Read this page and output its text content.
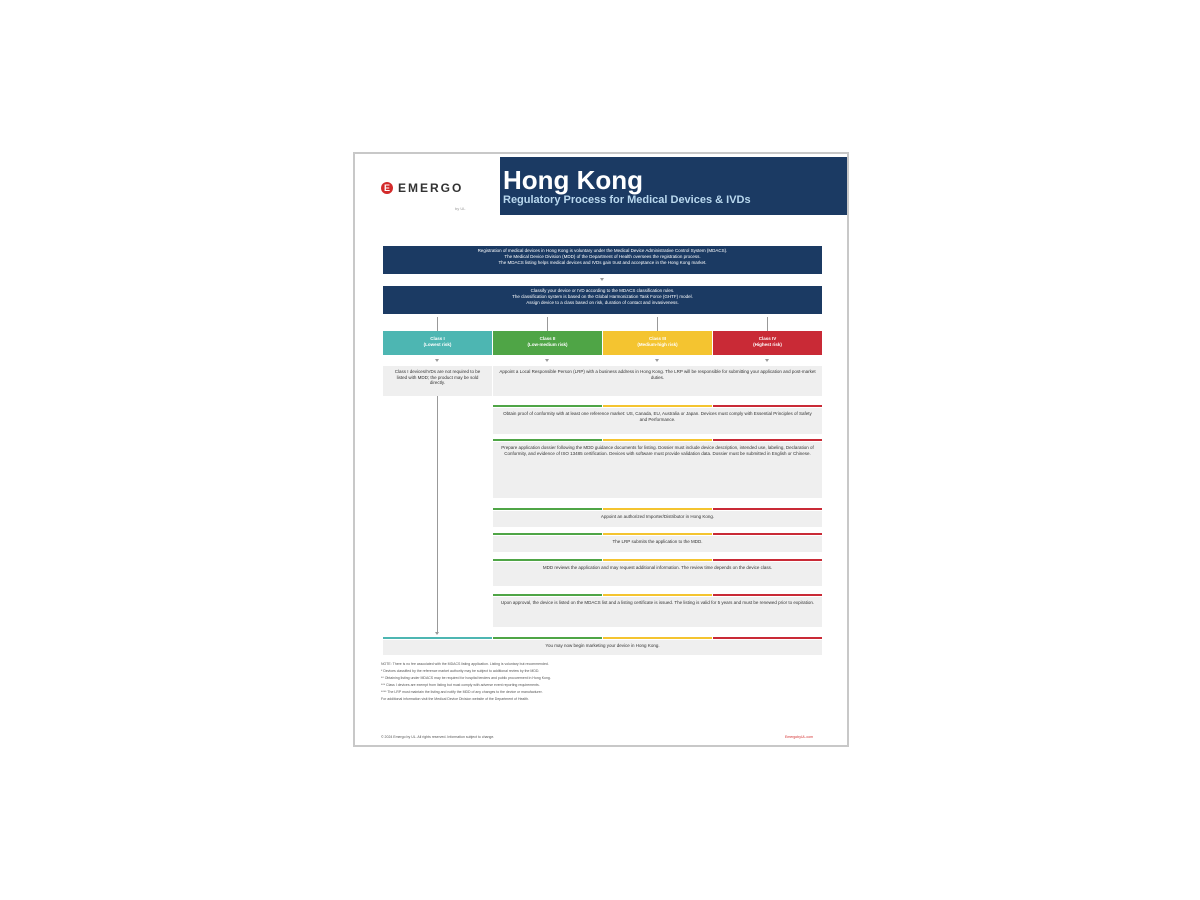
E EMERGO
by UL
Hong Kong
Regulatory Process for Medical Devices & IVDs
Registration of medical devices in Hong Kong is voluntary under the Medical Device Administrative Control System (MDACS).
The Medical Device Division (MDD) of the Department of Health oversees the registration process.
The MDACS listing helps medical devices and IVDs gain trust and acceptance in the Hong Kong market.
Classify your device or IVD according to the MDACS classification rules.
The classification system is based on the Global Harmonization Task Force (GHTF) model.
Assign device to a class based on risk, duration of contact and invasiveness.
Class I
(Lowest risk)
Class II
(Low-medium risk)
Class III
(Medium-high risk)
Class IV
(Highest risk)
Class I devices/IVDs are not required to be listed with MDD; the product may be sold directly.
Appoint a Local Responsible Person (LRP) with a business address in Hong Kong. The LRP will be responsible for submitting your application and post-market duties.
Obtain proof of conformity with at least one reference market: US, Canada, EU, Australia or Japan. Devices must comply with Essential Principles of Safety and Performance.
Prepare application dossier following the MDD guidance documents for listing. Dossier must include device description, intended use, labeling, Declaration of Conformity, and evidence of ISO 13485 certification. Devices with software must provide validation data. Dossier must be submitted in English or Chinese.
Appoint an authorized Importer/Distributor in Hong Kong.
The LRP submits the application to the MDD.
MDD reviews the application and may request additional information. The review time depends on the device class.
Upon approval, the device is listed on the MDACS list and a listing certificate is issued. The listing is valid for 5 years and must be renewed prior to expiration.
You may now begin marketing your device in Hong Kong.
NOTE: There is no fee associated with the MDACS listing application. Listing is voluntary but recommended.
* Devices classified by the reference market authority may be subject to additional review by the MDD.
** Obtaining listing under MDACS may be required for hospital tenders and public procurement in Hong Kong.
*** Class I devices are exempt from listing but must comply with adverse event reporting requirements.
**** The LRP must maintain the listing and notify the MDD of any changes to the device or manufacturer.
For additional information visit the Medical Device Division website of the Department of Health.
© 2024 Emergo by UL. All rights reserved. Information subject to change.	EmergobyUL.com
